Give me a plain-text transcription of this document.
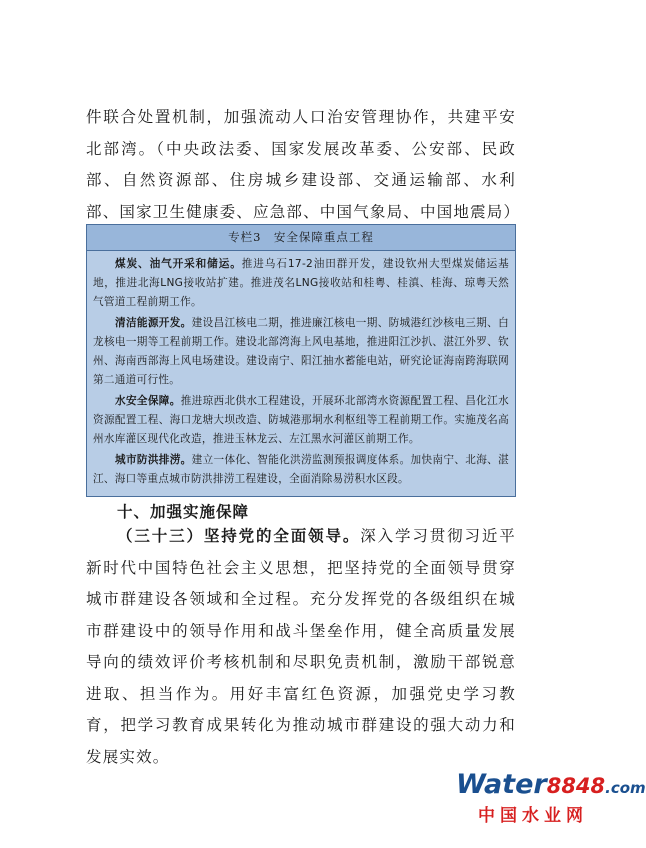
件联合处置机制，加强流动人口治安管理协作，共建平安北部湾。（中央政法委、国家发展改革委、公安部、民政部、自然资源部、住房城乡建设部、交通运输部、水利部、国家卫生健康委、应急部、中国气象局、中国地震局）

专栏3　安全保障重点工程

煤炭、油气开采和储运。推进乌石17-2油田群开发，建设钦州大型煤炭储运基地，推进北海LNG接收站扩建。推进茂名LNG接收站和桂粤、桂滇、桂海、琼粤天然气管道工程前期工作。

清洁能源开发。建设昌江核电二期，推进廉江核电一期、防城港红沙核电三期、白龙核电一期等工程前期工作。建设北部湾海上风电基地，推进阳江沙扒、湛江外罗、钦州、海南西部海上风电场建设。建设南宁、阳江抽水蓄能电站，研究论证海南跨海联网第二通道可行性。

水安全保障。推进琼西北供水工程建设，开展环北部湾水资源配置工程、昌化江水资源配置工程、海口龙塘大坝改造、防城港那垌水利枢纽等工程前期工作。实施茂名高州水库灌区现代化改造，推进玉林龙云、左江黑水河灌区前期工作。

城市防洪排涝。建立一体化、智能化洪涝监测预报调度体系。加快南宁、北海、湛江、海口等重点城市防洪排涝工程建设，全面消除易涝积水区段。

十、加强实施保障

（三十三）坚持党的全面领导。深入学习贯彻习近平新时代中国特色社会主义思想，把坚持党的全面领导贯穿城市群建设各领域和全过程。充分发挥党的各级组织在城市群建设中的领导作用和战斗堡垒作用，健全高质量发展导向的绩效评价考核机制和尽职免责机制，激励干部锐意进取、担当作为。用好丰富红色资源，加强党史学习教育，把学习教育成果转化为推动城市群建设的强大动力和发展实效。

Water8848.com
中国水业网
